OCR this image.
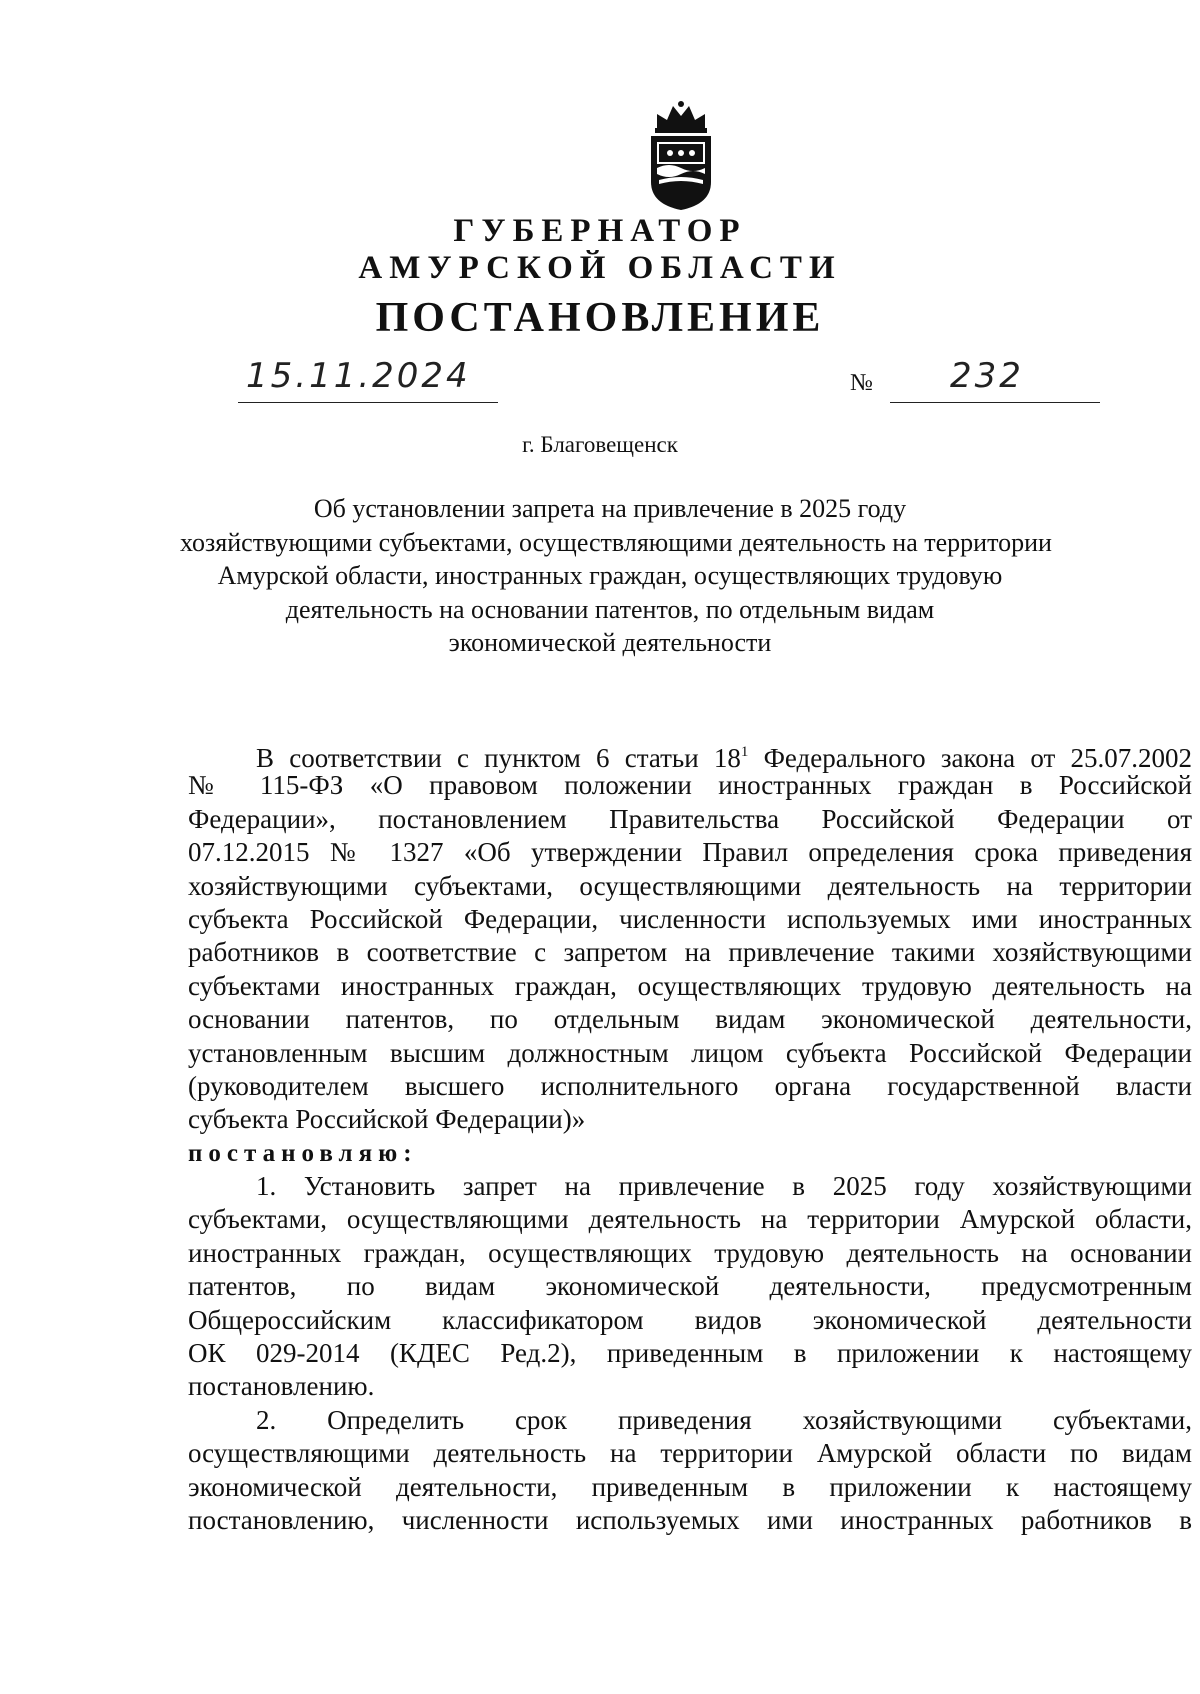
ГУБЕРНАТОР
АМУРСКОЙ ОБЛАСТИ
ПОСТАНОВЛЕНИЕ
15.11.2024	№ 232
г. Благовещенск
Об установлении запрета на привлечение в 2025 году
хозяйствующими субъектами, осуществляющими деятельность на территории
Амурской области, иностранных граждан, осуществляющих трудовую
деятельность на основании патентов, по отдельным видам
экономической деятельности
В соответствии с пунктом 6 статьи $18^1$ Федерального закона от 25.07.2002
№ 115-ФЗ «О правовом положении иностранных граждан в Российской
Федерации», постановлением Правительства Российской Федерации от
07.12.2015 № 1327 «Об утверждении Правил определения срока приведения
хозяйствующими субъектами, осуществляющими деятельность на территории
субъекта Российской Федерации, численности используемых ими иностранных
работников в соответствие с запретом на привлечение такими хозяйствующими
субъектами иностранных граждан, осуществляющих трудовую деятельность на
основании патентов, по отдельным видам экономической деятельности,
установленным высшим должностным лицом субъекта Российской Федерации
(руководителем высшего исполнительного органа государственной власти
субъекта Российской Федерации)»
постановляю:
1. Установить запрет на привлечение в 2025 году хозяйствующими
субъектами, осуществляющими деятельность на территории Амурской области,
иностранных граждан, осуществляющих трудовую деятельность на основании
патентов, по видам экономической деятельности, предусмотренным
Общероссийским классификатором видов экономической деятельности
ОК 029-2014 (КДЕС Ред.2), приведенным в приложении к настоящему
постановлению.
2. Определить срок приведения хозяйствующими субъектами,
осуществляющими деятельность на территории Амурской области по видам
экономической деятельности, приведенным в приложении к настоящему
постановлению, численности используемых ими иностранных работников в
